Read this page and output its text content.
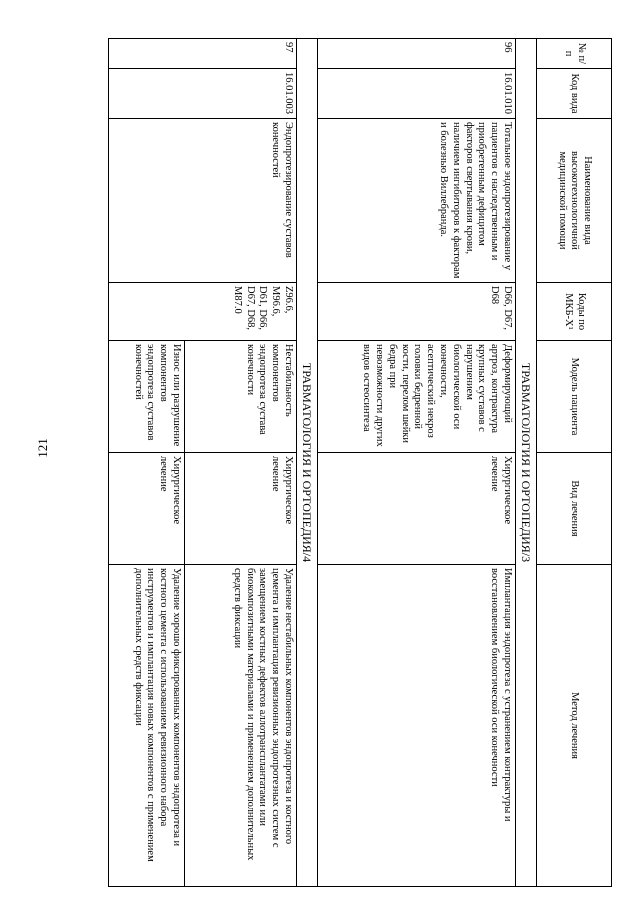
121
№ п/п	Код вида	Наименование вида высокотехнологичной медицинской помощи	Коды по МКБ-X¹	Модель пациента	Вид лечения	Метод лечения
ТРАВМАТОЛОГИЯ И ОРТОПЕДИЯ/3						
96	16.01.010	Тотальное эндопротезирование у пациентов с наследственным и приобретенным дефицитом факторов свертывания крови, наличием ингибиторов к факторам и болезнью Виллебранда.	D66, D67, D68	Деформирующий артроз, контрактура крупных суставов с нарушением биологической оси конечности, асептический некроз головки бедренной кости, перелом шейки бедра при невозможности других видов остеосинтеза	Хирургическое лечение	Имплантация эндопротеза с устранением контрактуры и восстановлением биологической оси конечности
ТРАВМАТОЛОГИЯ И ОРТОПЕДИЯ/4						
97	16.01.003	Эндопротезирование суставов конечностей	Z96.6, M96.6, D61, D66, D67, D68, M87.0	Нестабильность компонентов эндопротеза сустава конечности	Хирургическое лечение	Удаление нестабильных компонентов эндопротеза и костного цемента и имплантация ревизионных эндопротезных систем с замещением костных дефектов аллотрансплантатами или биокомпозитными материалами и применением дополнительных средств фиксации
				Износ или разрушение компонентов эндопротеза суставов конечностей	Хирургическое лечение	Удаление хорошо фиксированных компонентов эндопротеза и костного цемента с использованием ревизионного набора инструментов и имплантация новых компонентов с применением дополнительных средств фиксации
